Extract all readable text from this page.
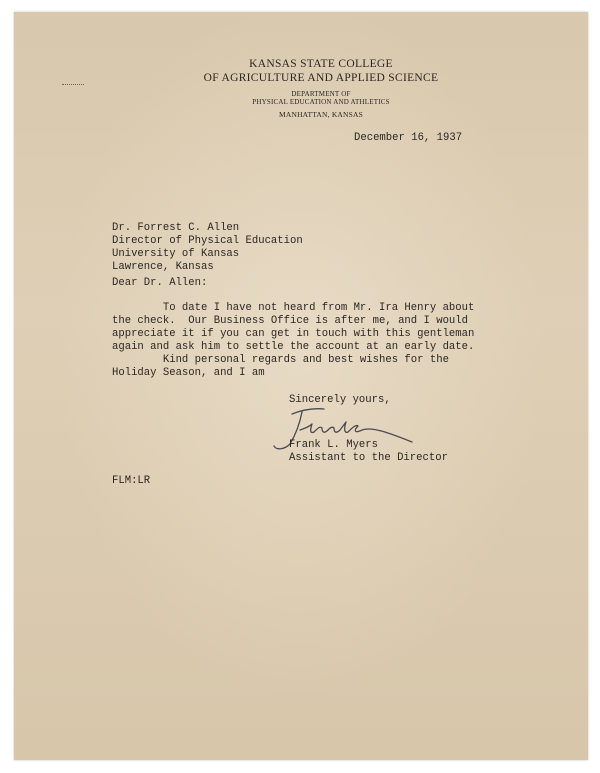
KANSAS STATE COLLEGE
OF AGRICULTURE AND APPLIED SCIENCE
DEPARTMENT OF
PHYSICAL EDUCATION AND ATHLETICS
MANHATTAN, KANSAS
December 16, 1937
Dr. Forrest C. Allen
Director of Physical Education
University of Kansas
Lawrence, Kansas
Dear Dr. Allen:
To date I have not heard from Mr. Ira Henry about
the check.  Our Business Office is after me, and I would
appreciate it if you can get in touch with this gentleman
again and ask him to settle the account at an early date.
Kind personal regards and best wishes for the
Holiday Season, and I am
Sincerely yours,
Frank L. Myers
Assistant to the Director
FLM:LR
